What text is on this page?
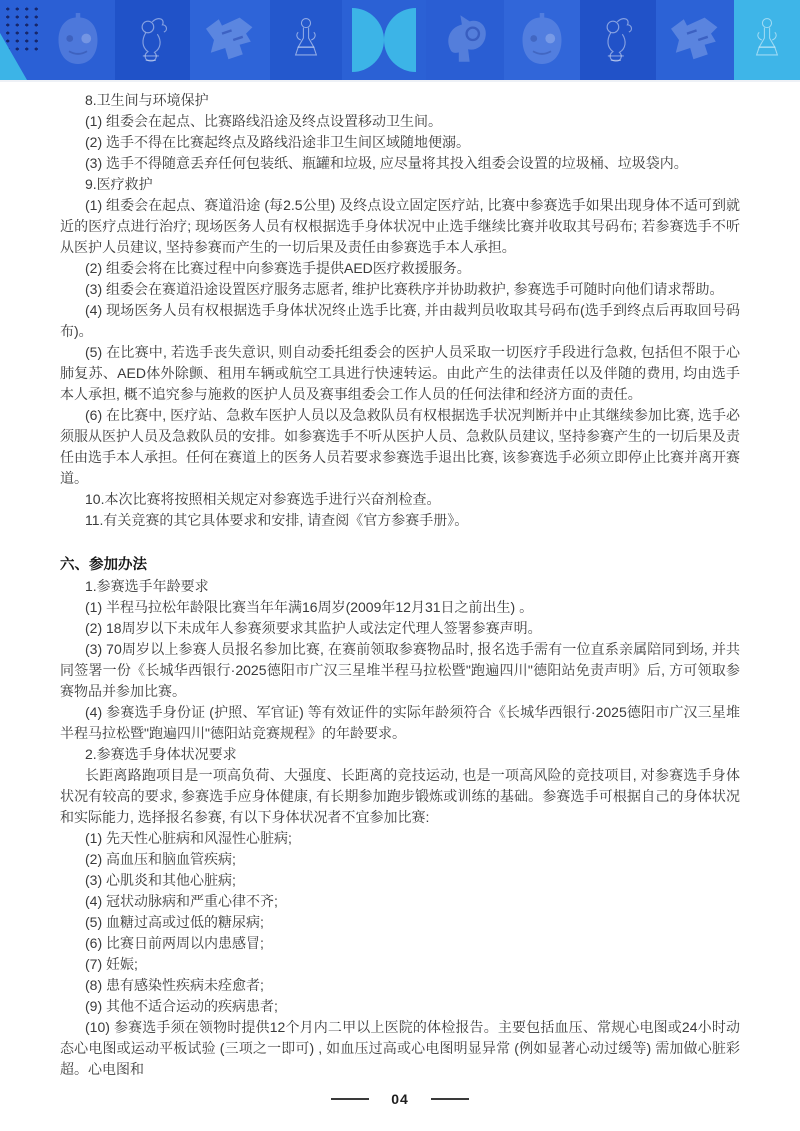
8.卫生间与环境保护

(1) 组委会在起点、比赛路线沿途及终点设置移动卫生间。

(2) 选手不得在比赛起终点及路线沿途非卫生间区域随地便溺。

(3) 选手不得随意丢弃任何包装纸、瓶罐和垃圾, 应尽量将其投入组委会设置的垃圾桶、垃圾袋内。

9.医疗救护

(1) 组委会在起点、赛道沿途 (每2.5公里) 及终点设立固定医疗站, 比赛中参赛选手如果出现身体不适可到就近的医疗点进行治疗; 现场医务人员有权根据选手身体状况中止选手继续比赛并收取其号码布; 若参赛选手不听从医护人员建议, 坚持参赛而产生的一切后果及责任由参赛选手本人承担。

(2) 组委会将在比赛过程中向参赛选手提供AED医疗救援服务。

(3) 组委会在赛道沿途设置医疗服务志愿者, 维护比赛秩序并协助救护, 参赛选手可随时向他们请求帮助。

(4) 现场医务人员有权根据选手身体状况终止选手比赛, 并由裁判员收取其号码布(选手到终点后再取回号码布)。

(5) 在比赛中, 若选手丧失意识, 则自动委托组委会的医护人员采取一切医疗手段进行急救, 包括但不限于心肺复苏、AED体外除颤、租用车辆或航空工具进行快速转运。由此产生的法律责任以及伴随的费用, 均由选手本人承担, 概不追究参与施救的医护人员及赛事组委会工作人员的任何法律和经济方面的责任。

(6) 在比赛中, 医疗站、急救车医护人员以及急救队员有权根据选手状况判断并中止其继续参加比赛, 选手必须服从医护人员及急救队员的安排。如参赛选手不听从医护人员、急救队员建议, 坚持参赛产生的一切后果及责任由选手本人承担。任何在赛道上的医务人员若要求参赛选手退出比赛, 该参赛选手必须立即停止比赛并离开赛道。

10.本次比赛将按照相关规定对参赛选手进行兴奋剂检查。

11.有关竞赛的其它具体要求和安排, 请查阅《官方参赛手册》。

六、参加办法

1.参赛选手年龄要求

(1) 半程马拉松年龄限比赛当年年满16周岁(2009年12月31日之前出生) 。

(2) 18周岁以下未成年人参赛须要求其监护人或法定代理人签署参赛声明。

(3) 70周岁以上参赛人员报名参加比赛, 在赛前领取参赛物品时, 报名选手需有一位直系亲属陪同到场, 并共同签署一份《长城华西银行·2025德阳市广汉三星堆半程马拉松暨"跑遍四川"德阳站免责声明》后, 方可领取参赛物品并参加比赛。

(4) 参赛选手身份证 (护照、军官证) 等有效证件的实际年龄须符合《长城华西银行·2025德阳市广汉三星堆半程马拉松暨"跑遍四川"德阳站竞赛规程》的年龄要求。

2.参赛选手身体状况要求

长距离路跑项目是一项高负荷、大强度、长距离的竞技运动, 也是一项高风险的竞技项目, 对参赛选手身体状况有较高的要求, 参赛选手应身体健康, 有长期参加跑步锻炼或训练的基础。参赛选手可根据自己的身体状况和实际能力, 选择报名参赛, 有以下身体状况者不宜参加比赛:

(1) 先天性心脏病和风湿性心脏病;

(2) 高血压和脑血管疾病;

(3) 心肌炎和其他心脏病;

(4) 冠状动脉病和严重心律不齐;

(5) 血糖过高或过低的糖尿病;

(6) 比赛日前两周以内患感冒;

(7) 妊娠;

(8) 患有感染性疾病未痊愈者;

(9) 其他不适合运动的疾病患者;

(10) 参赛选手须在领物时提供12个月内二甲以上医院的体检报告。主要包括血压、常规心电图或24小时动态心电图或运动平板试验 (三项之一即可) , 如血压过高或心电图明显异常 (例如显著心动过缓等) 需加做心脏彩超。心电图和

04
